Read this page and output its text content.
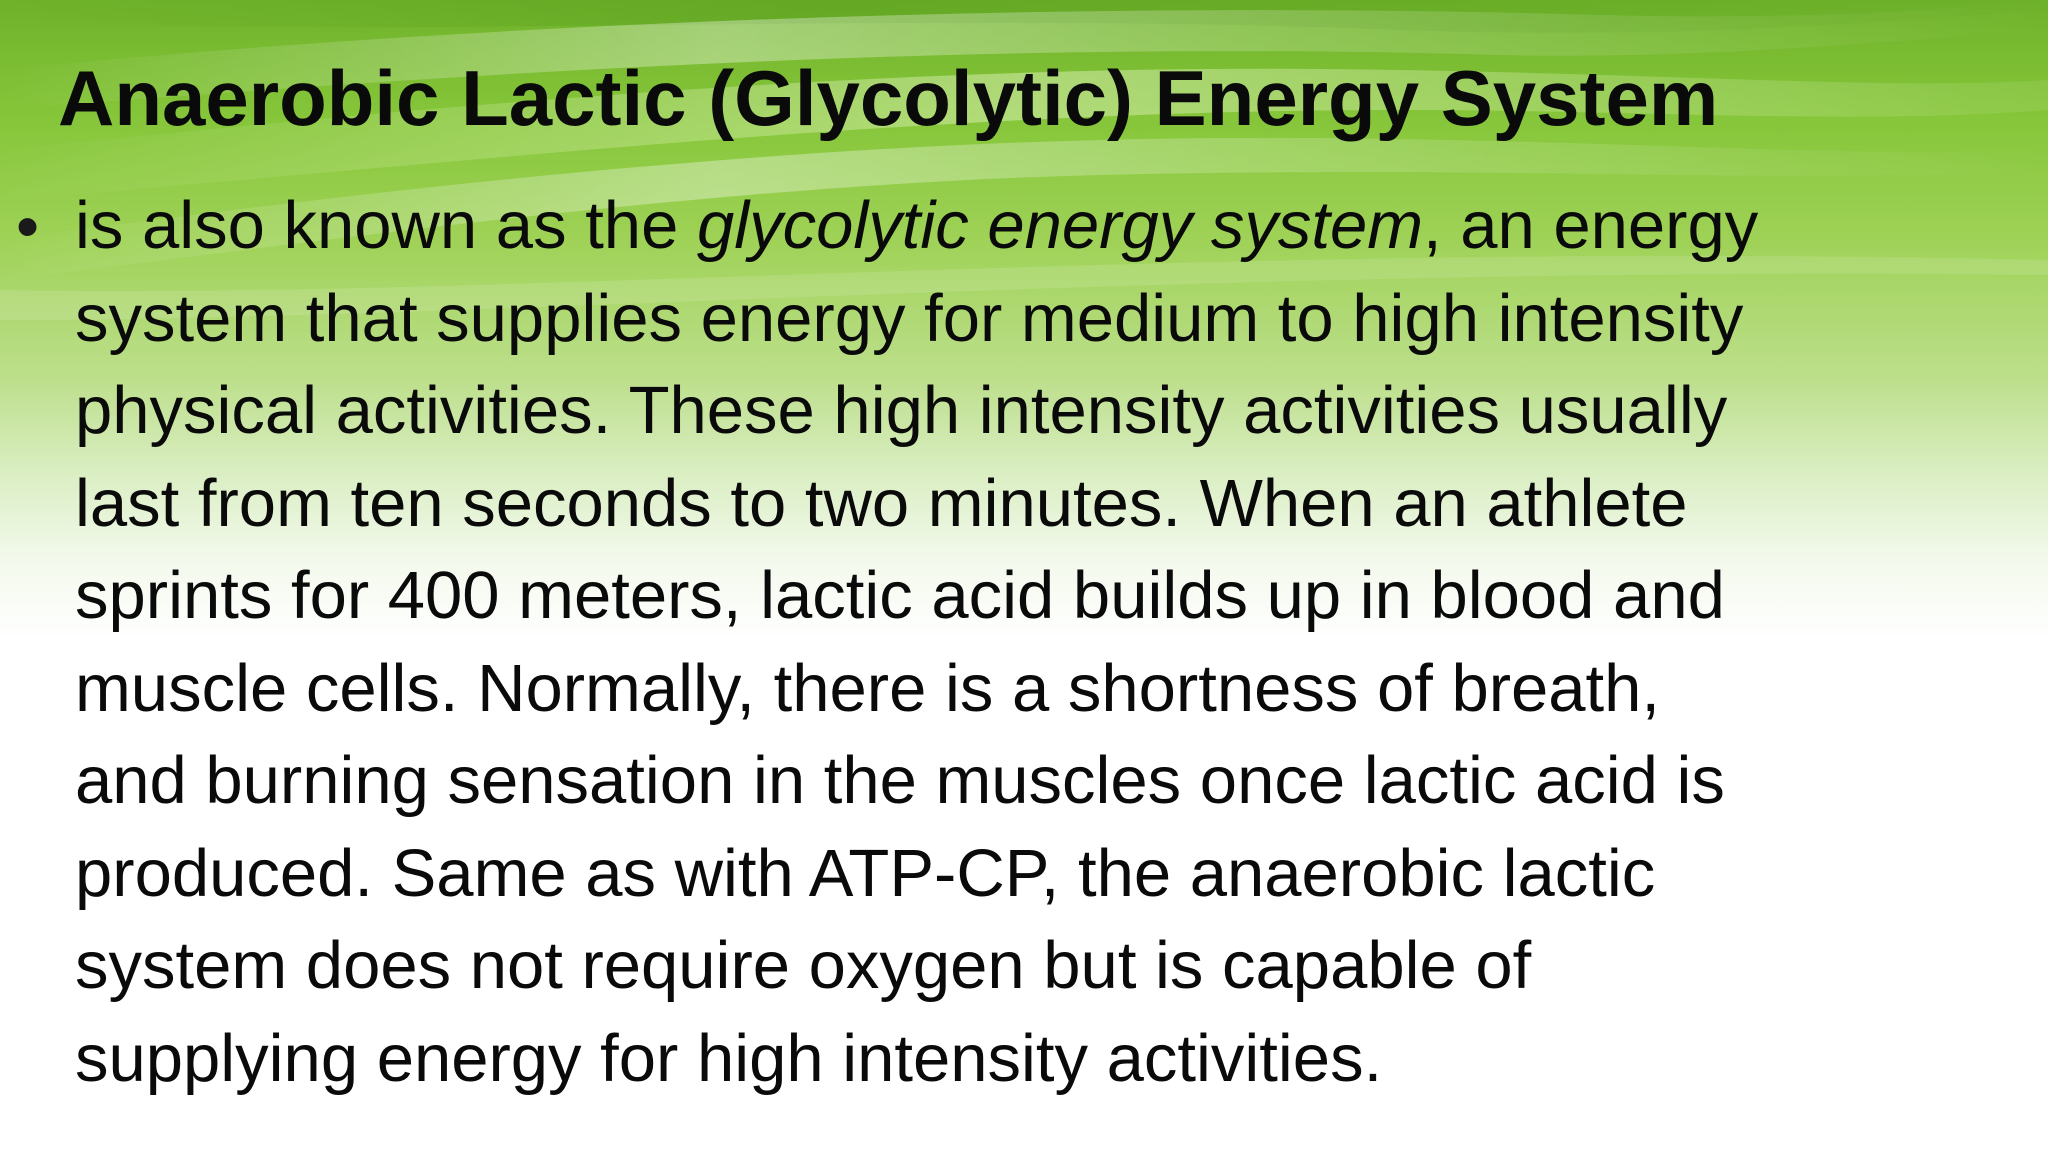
Anaerobic Lactic (Glycolytic) Energy System
• is also known as the glycolytic energy system, an energy
system that supplies energy for medium to high intensity
physical activities. These high intensity activities usually
last from ten seconds to two minutes. When an athlete
sprints for 400 meters, lactic acid builds up in blood and
muscle cells. Normally, there is a shortness of breath,
and burning sensation in the muscles once lactic acid is
produced. Same as with ATP-CP, the anaerobic lactic
system does not require oxygen but is capable of
supplying energy for high intensity activities.
